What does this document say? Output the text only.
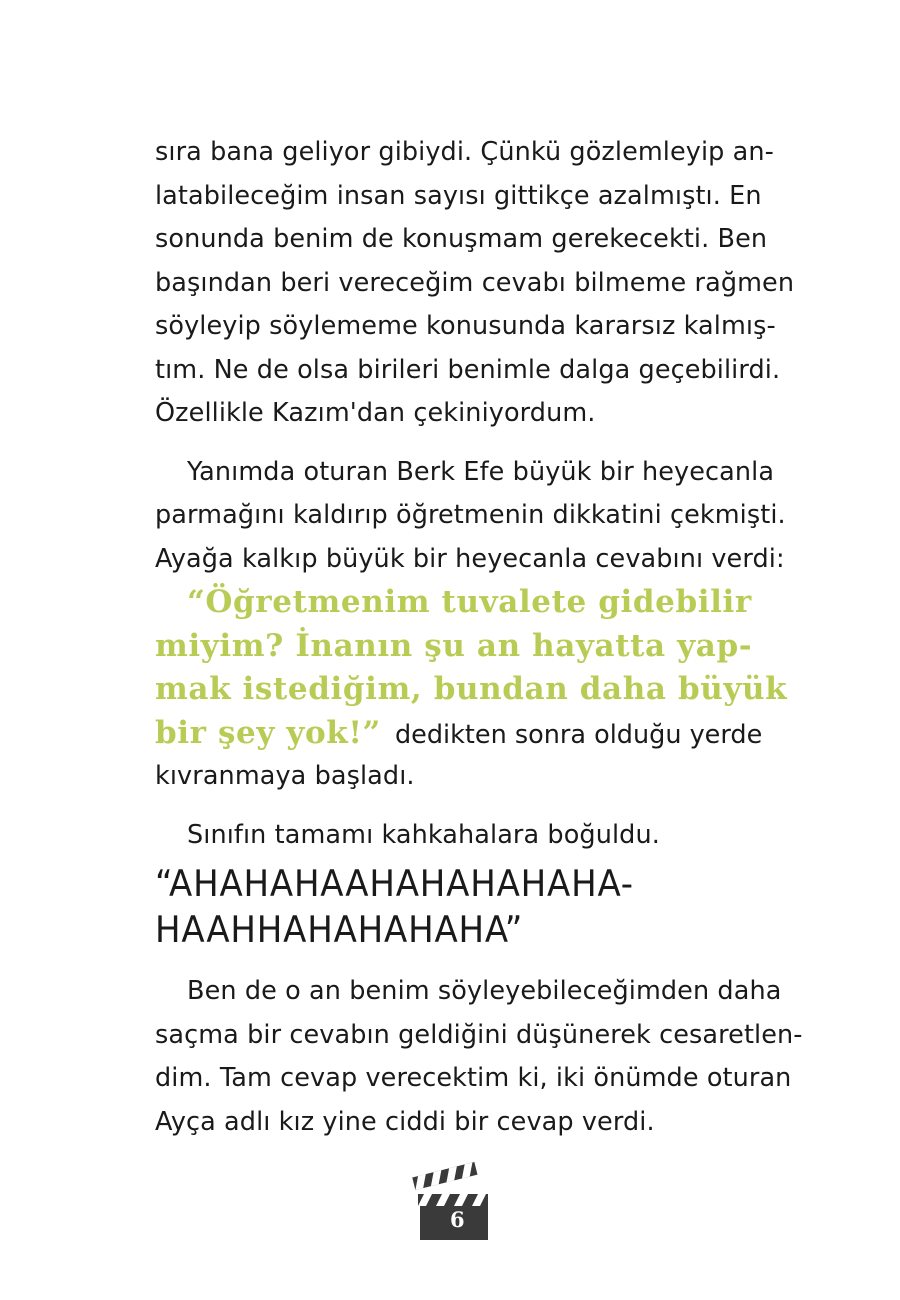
sıra bana geliyor gibiydi. Çünkü gözlemleyip an-
latabileceğim insan sayısı gittikçe azalmıştı. En
sonunda benim de konuşmam gerekecekti. Ben
başından beri vereceğim cevabı bilmeme rağmen
söyleyip söylememe konusunda kararsız kalmış-
tım. Ne de olsa birileri benimle dalga geçebilirdi.
Özellikle Kazım'dan çekiniyordum.
Yanımda oturan Berk Efe büyük bir heyecanla
parmağını kaldırıp öğretmenin dikkatini çekmişti.
Ayağa kalkıp büyük bir heyecanla cevabını verdi:
“Öğretmenim tuvalete gidebilir
miyim? İnanın şu an hayatta yap-
mak istediğim, bundan daha büyük
bir şey yok!” dedikten sonra olduğu yerde
kıvranmaya başladı.
Sınıfın tamamı kahkahalara boğuldu.
“AHAHAHAAHAHAHAHAHA-
HAAHHAHAHAHAHA”
Ben de o an benim söyleyebileceğimden daha
saçma bir cevabın geldiğini düşünerek cesaretlen-
dim. Tam cevap verecektim ki, iki önümde oturan
Ayça adlı kız yine ciddi bir cevap verdi.
6
